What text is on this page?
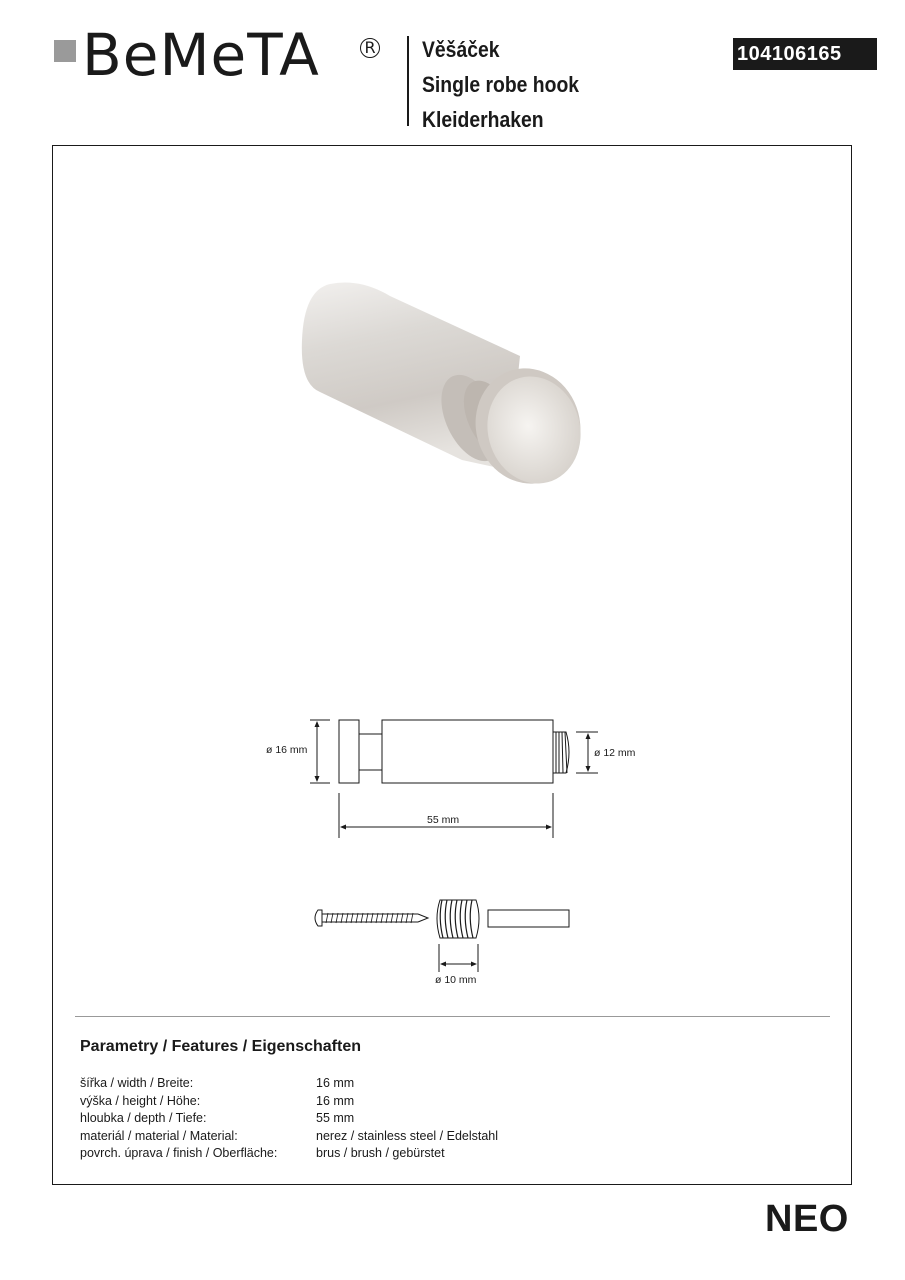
BeMeTA	R Věšáček
Single robe hook
Kleiderhaken
104106165
ø 16 mm	ø 12 mm
55 mm
ø 10 mm
Parametry / Features / Eigenschaften
šířka / width / Breite:	16 mm
výška / height / Höhe:	16 mm
hloubka / depth / Tiefe:	55 mm
materiál / material / Material:	nerez / stainless steel / Edelstahl
povrch. úprava / finish / Oberfläche:	brus / brush / gebürstet
NEO
